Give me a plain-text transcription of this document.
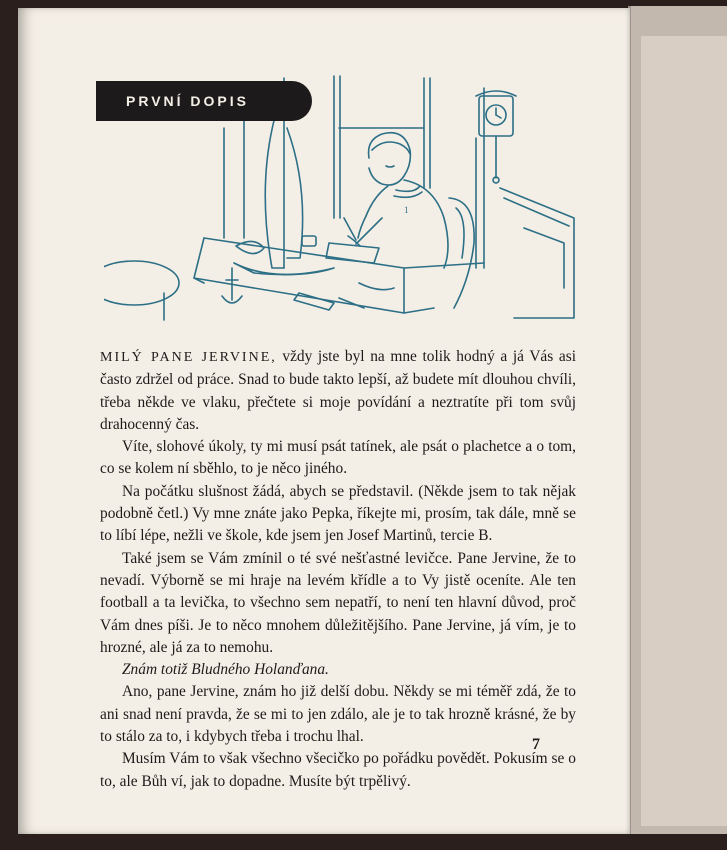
1
PRVNÍ DOPIS

MILÝ PANE JERVINE, vždy jste byl na mne tolik hodný a já Vás asi často zdržel od práce. Snad to bude takto lepší, až budete mít dlouhou chvíli, třeba někde ve vlaku, přečtete si moje povídání a neztratíte při tom svůj drahocenný čas.

Víte, slohové úkoly, ty mi musí psát tatínek, ale psát o plachetce a o tom, co se kolem ní sběhlo, to je něco jiného.

Na počátku slušnost žádá, abych se představil. (Někde jsem to tak nějak podobně četl.) Vy mne znáte jako Pepka, říkejte mi, prosím, tak dále, mně se to líbí lépe, nežli ve škole, kde jsem jen Josef Martinů, tercie B.

Také jsem se Vám zmínil o té své nešťastné levičce. Pane Jervine, že to nevadí. Výborně se mi hraje na levém křídle a to Vy jistě oceníte. Ale ten football a ta levička, to všechno sem nepatří, to není ten hlavní důvod, proč Vám dnes píši. Je to něco mnohem důležitějšího. Pane Jervine, já vím, je to hrozné, ale já za to nemohu.

Znám totiž Bludného Holanďana.

Ano, pane Jervine, znám ho již delší dobu. Někdy se mi téměř zdá, že to ani snad není pravda, že se mi to jen zdálo, ale je to tak hrozně krásné, že by to stálo za to, i kdybych třeba i trochu lhal.

Musím Vám to však všechno všecičko po pořádku povědět. Pokusím se o to, ale Bůh ví, jak to dopadne. Musíte být trpělivý.

7
